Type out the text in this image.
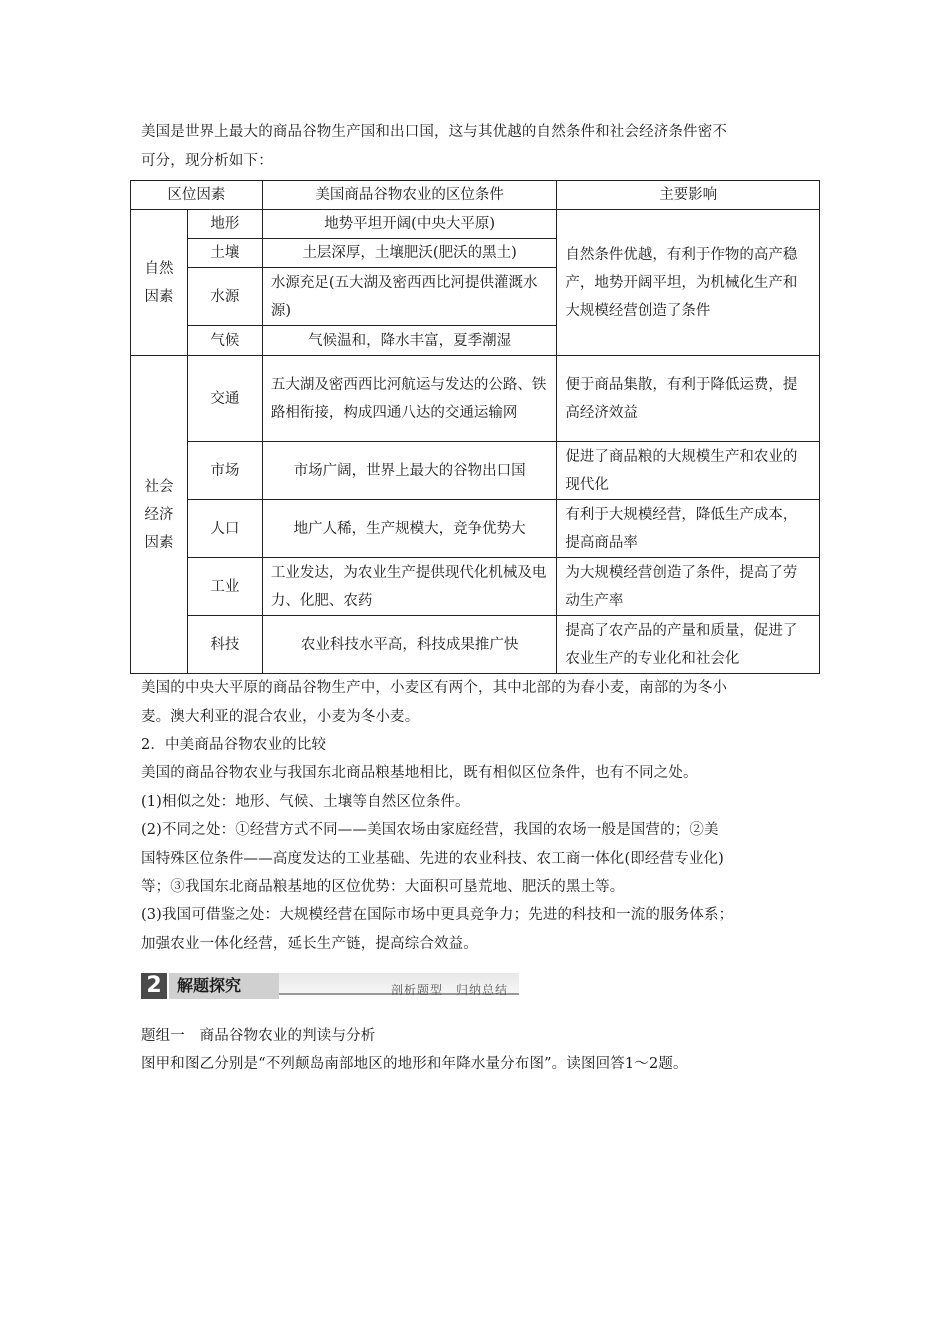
美国是世界上最大的商品谷物生产国和出口国，这与其优越的自然条件和社会经济条件密不
可分，现分析如下：

区位因素		美国商品谷物农业的区位条件	主要影响
自然
因素	地形	地势平坦开阔(中央大平原)	自然条件优越，有利于作物的高产稳产，地势开阔平坦，为机械化生产和大规模经营创造了条件
	土壤	土层深厚，土壤肥沃(肥沃的黑土)	
	水源	水源充足(五大湖及密西西比河提供灌溉水源)	
	气候	气候温和，降水丰富，夏季潮湿	
社会
经济
因素	交通	五大湖及密西西比河航运与发达的公路、铁路相衔接，构成四通八达的交通运输网	便于商品集散，有利于降低运费，提高经济效益
	市场	市场广阔，世界上最大的谷物出口国	促进了商品粮的大规模生产和农业的现代化
	人口	地广人稀，生产规模大，竞争优势大	有利于大规模经营，降低生产成本，提高商品率
	工业	工业发达，为农业生产提供现代化机械及电力、化肥、农药	为大规模经营创造了条件，提高了劳动生产率
	科技	农业科技水平高，科技成果推广快	提高了农产品的产量和质量，促进了农业生产的专业化和社会化

美国的中央大平原的商品谷物生产中，小麦区有两个，其中北部的为春小麦，南部的为冬小
麦。澳大利亚的混合农业，小麦为冬小麦。

2．中美商品谷物农业的比较

美国的商品谷物农业与我国东北商品粮基地相比，既有相似区位条件，也有不同之处。

(1)相似之处：地形、气候、土壤等自然区位条件。

(2)不同之处：①经营方式不同——美国农场由家庭经营，我国的农场一般是国营的；②美
国特殊区位条件——高度发达的工业基础、先进的农业科技、农工商一体化(即经营专业化)
等；③我国东北商品粮基地的区位优势：大面积可垦荒地、肥沃的黑土等。

(3)我国可借鉴之处：大规模经营在国际市场中更具竞争力；先进的科技和一流的服务体系；
加强农业一体化经营，延长生产链，提高综合效益。

2 解题探究	剖析题型　归纳总结

题组一　商品谷物农业的判读与分析

图甲和图乙分别是“不列颠岛南部地区的地形和年降水量分布图”。读图回答1～2题。
